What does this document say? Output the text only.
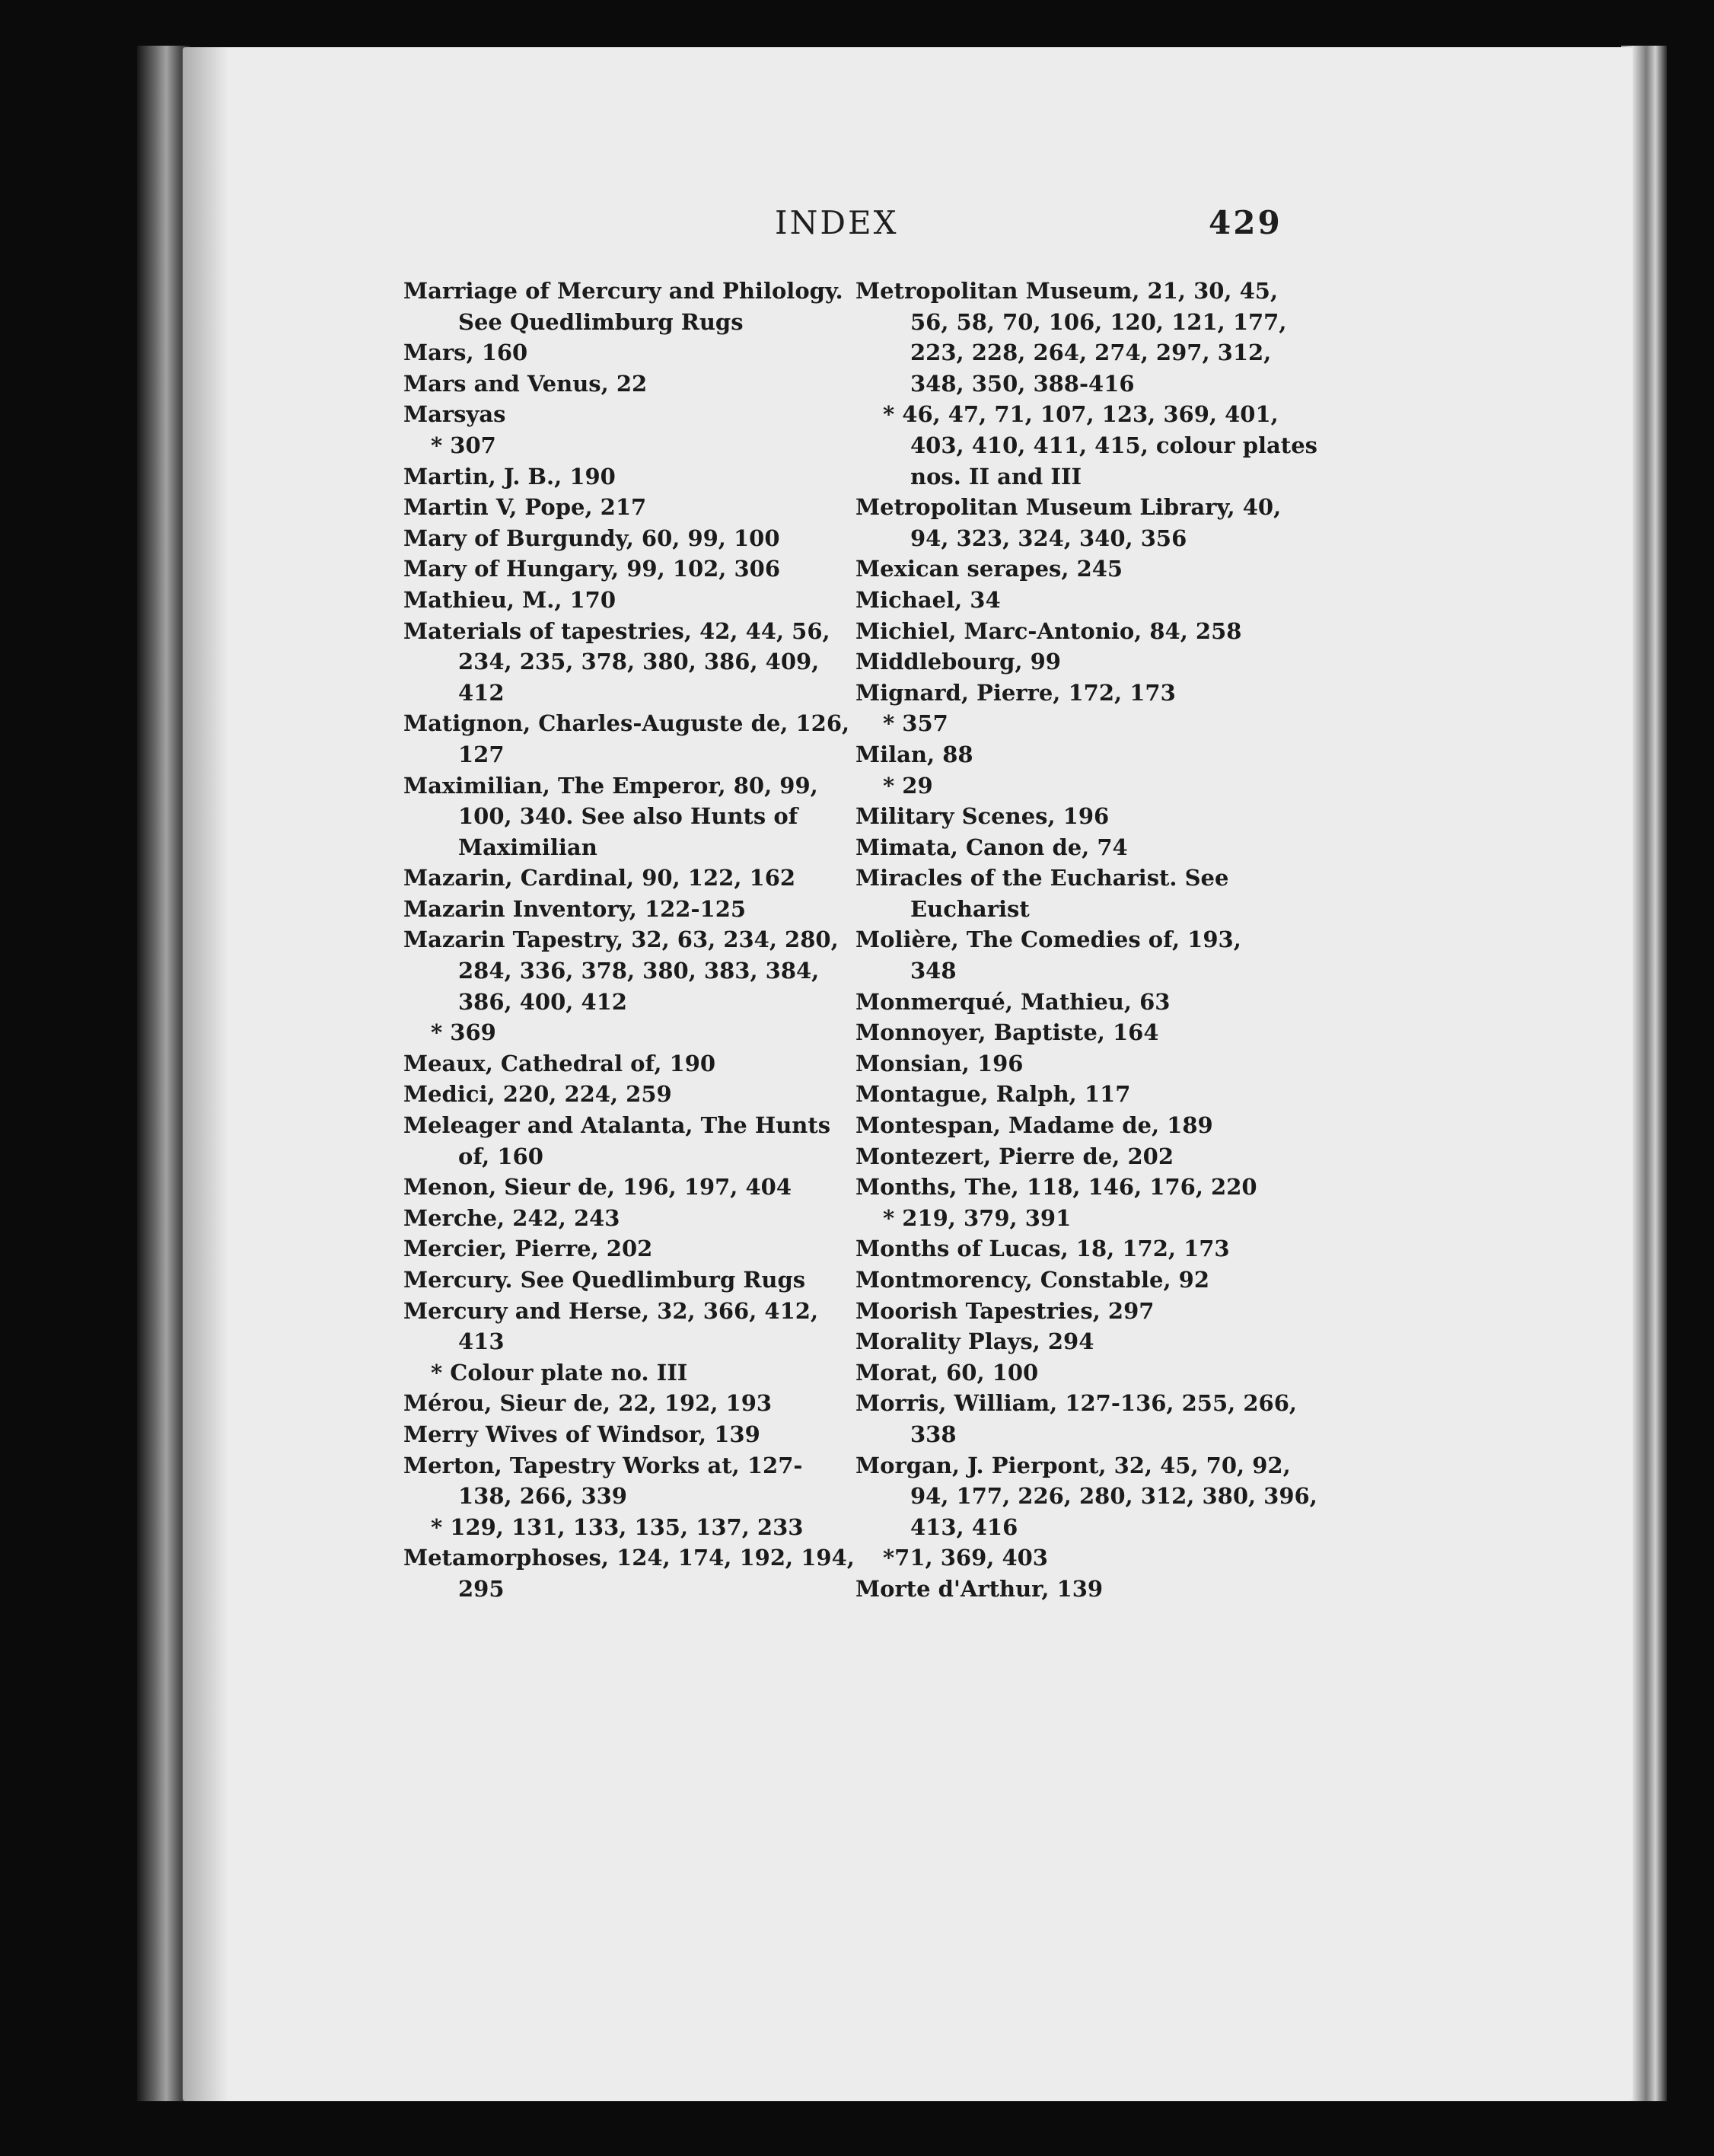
INDEX	429
Marriage of Mercury and Philology.
See Quedlimburg Rugs
Mars, 160
Mars and Venus, 22
Marsyas
* 307
Martin, J. B., 190
Martin V, Pope, 217
Mary of Burgundy, 60, 99, 100
Mary of Hungary, 99, 102, 306
Mathieu, M., 170
Materials of tapestries, 42, 44, 56,
234, 235, 378, 380, 386, 409,
412
Matignon, Charles-Auguste de, 126,
127
Maximilian, The Emperor, 80, 99,
100, 340. See also Hunts of
Maximilian
Mazarin, Cardinal, 90, 122, 162
Mazarin Inventory, 122-125
Mazarin Tapestry, 32, 63, 234, 280,
284, 336, 378, 380, 383, 384,
386, 400, 412
* 369
Meaux, Cathedral of, 190
Medici, 220, 224, 259
Meleager and Atalanta, The Hunts
of, 160
Menon, Sieur de, 196, 197, 404
Merche, 242, 243
Mercier, Pierre, 202
Mercury. See Quedlimburg Rugs
Mercury and Herse, 32, 366, 412,
413
* Colour plate no. III
Mérou, Sieur de, 22, 192, 193
Merry Wives of Windsor, 139
Merton, Tapestry Works at, 127-
138, 266, 339
* 129, 131, 133, 135, 137, 233
Metamorphoses, 124, 174, 192, 194,
295
Metropolitan Museum, 21, 30, 45,
56, 58, 70, 106, 120, 121, 177,
223, 228, 264, 274, 297, 312,
348, 350, 388-416
* 46, 47, 71, 107, 123, 369, 401,
403, 410, 411, 415, colour plates
nos. II and III
Metropolitan Museum Library, 40,
94, 323, 324, 340, 356
Mexican serapes, 245
Michael, 34
Michiel, Marc-Antonio, 84, 258
Middlebourg, 99
Mignard, Pierre, 172, 173
* 357
Milan, 88
* 29
Military Scenes, 196
Mimata, Canon de, 74
Miracles of the Eucharist. See
Eucharist
Molière, The Comedies of, 193,
348
Monmerqué, Mathieu, 63
Monnoyer, Baptiste, 164
Monsian, 196
Montague, Ralph, 117
Montespan, Madame de, 189
Montezert, Pierre de, 202
Months, The, 118, 146, 176, 220
* 219, 379, 391
Months of Lucas, 18, 172, 173
Montmorency, Constable, 92
Moorish Tapestries, 297
Morality Plays, 294
Morat, 60, 100
Morris, William, 127-136, 255, 266,
338
Morgan, J. Pierpont, 32, 45, 70, 92,
94, 177, 226, 280, 312, 380, 396,
413, 416
*71, 369, 403
Morte d'Arthur, 139
